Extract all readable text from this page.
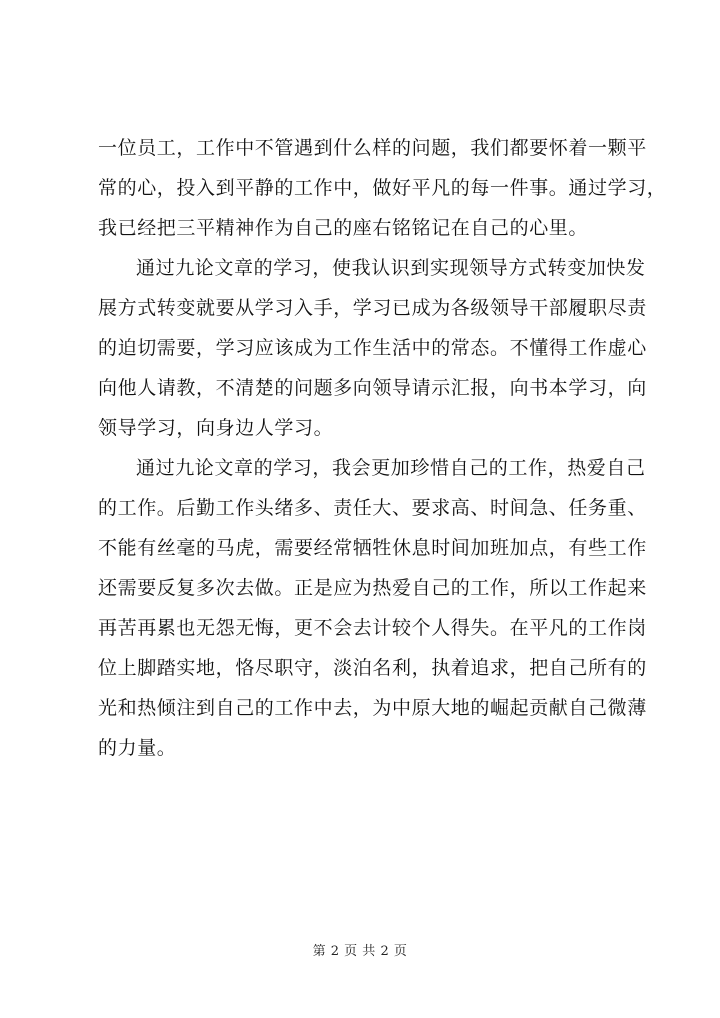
一位员工，工作中不管遇到什么样的问题，我们都要怀着一颗平
常的心，投入到平静的工作中，做好平凡的每一件事。通过学习，
我已经把三平精神作为自己的座右铭铭记在自己的心里。
通过九论文章的学习，使我认识到实现领导方式转变加快发
展方式转变就要从学习入手，学习已成为各级领导干部履职尽责
的迫切需要，学习应该成为工作生活中的常态。不懂得工作虚心
向他人请教，不清楚的问题多向领导请示汇报，向书本学习，向
领导学习，向身边人学习。
通过九论文章的学习，我会更加珍惜自己的工作，热爱自己
的工作。后勤工作头绪多、责任大、要求高、时间急、任务重、
不能有丝毫的马虎，需要经常牺牲休息时间加班加点，有些工作
还需要反复多次去做。正是应为热爱自己的工作，所以工作起来
再苦再累也无怨无悔，更不会去计较个人得失。在平凡的工作岗
位上脚踏实地，恪尽职守，淡泊名利，执着追求，把自己所有的
光和热倾注到自己的工作中去，为中原大地的崛起贡献自己微薄
的力量。
第 2 页 共 2 页
